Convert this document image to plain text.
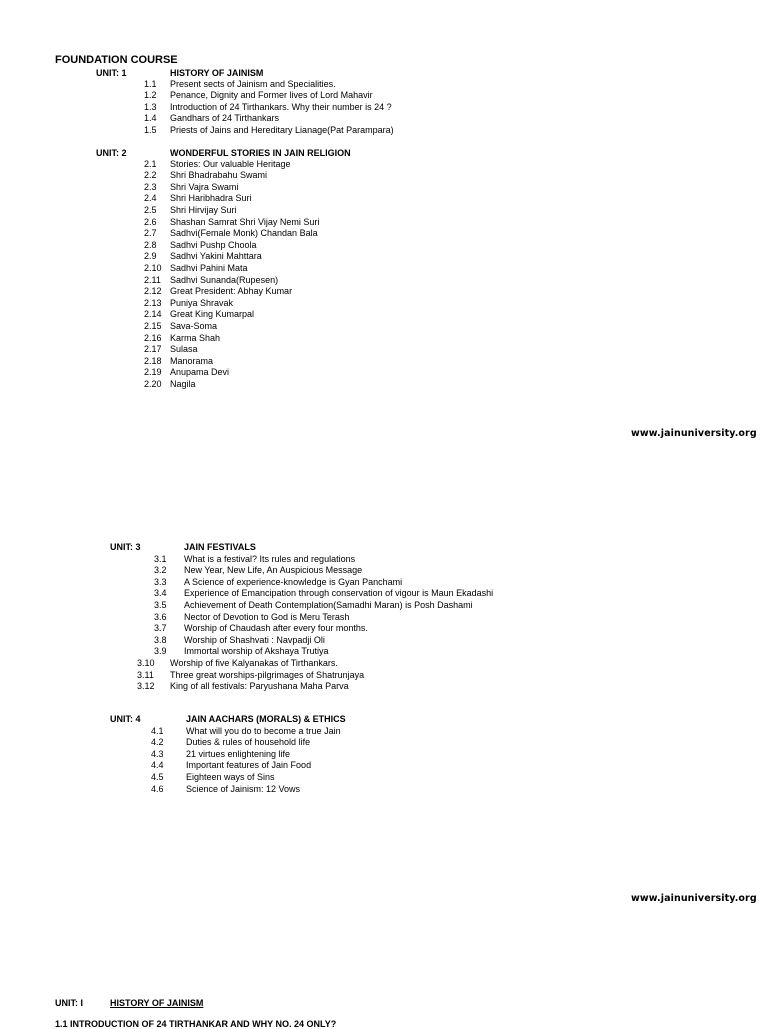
FOUNDATION COURSE
UNIT: 1	HISTORY OF JAINISM
1.1 Present sects of Jainism and Specialities.
1.2 Penance, Dignity and Former lives of Lord Mahavir
1.3 Introduction of 24 Tirthankars. Why their number is 24 ?
1.4 Gandhars of 24 Tirthankars
1.5 Priests of Jains and Hereditary Lianage(Pat Parampara)
UNIT: 2	WONDERFUL STORIES IN JAIN RELIGION
2.1 Stories: Our valuable Heritage
2.2 Shri Bhadrabahu Swami
2.3 Shri Vajra Swami
2.4 Shri Haribhadra Suri
2.5 Shri Hirvijay Suri
2.6 Shashan Samrat Shri Vijay Nemi Suri
2.7 Sadhvi(Female Monk) Chandan Bala
2.8 Sadhvi Pushp Choola
2.9 Sadhvi Yakini Mahttara
2.10 Sadhvi Pahini Mata
2.11 Sadhvi Sunanda(Rupesen)
2.12 Great President: Abhay Kumar
2.13 Puniya Shravak
2.14 Great King Kumarpal
2.15 Sava-Soma
2.16 Karma Shah
2.17 Sulasa
2.18 Manorama
2.19 Anupama Devi
2.20 Nagila
www.jainuniversity.org
UNIT: 3	JAIN FESTIVALS
3.1 What is a festival? Its rules and regulations
3.2 New Year, New Life, An Auspicious Message
3.3 A Science of experience-knowledge is Gyan Panchami
3.4 Experience of Emancipation through conservation of vigour is Maun Ekadashi
3.5 Achievement of Death Contemplation(Samadhi Maran) is Posh Dashami
3.6 Nector of Devotion to God is Meru Terash
3.7 Worship of Chaudash after every four months.
3.8 Worship of Shashvati : Navpadji Oli
3.9 Immortal worship of Akshaya Trutiya
3.10 Worship of five Kalyanakas of Tirthankars.
3.11 Three great worships-pilgrimages of Shatrunjaya
3.12 King of all festivals: Paryushana Maha Parva
UNIT: 4	JAIN AACHARS (MORALS) & ETHICS
4.1 What will you do to become a true Jain
4.2 Duties & rules of household life
4.3 21 virtues enlightening life
4.4 Important features of Jain Food
4.5 Eighteen ways of Sins
4.6 Science of Jainism: 12 Vows
www.jainuniversity.org
UNIT: I	HISTORY OF JAINISM
1.1 INTRODUCTION OF 24 TIRTHANKAR AND WHY NO. 24 ONLY?
